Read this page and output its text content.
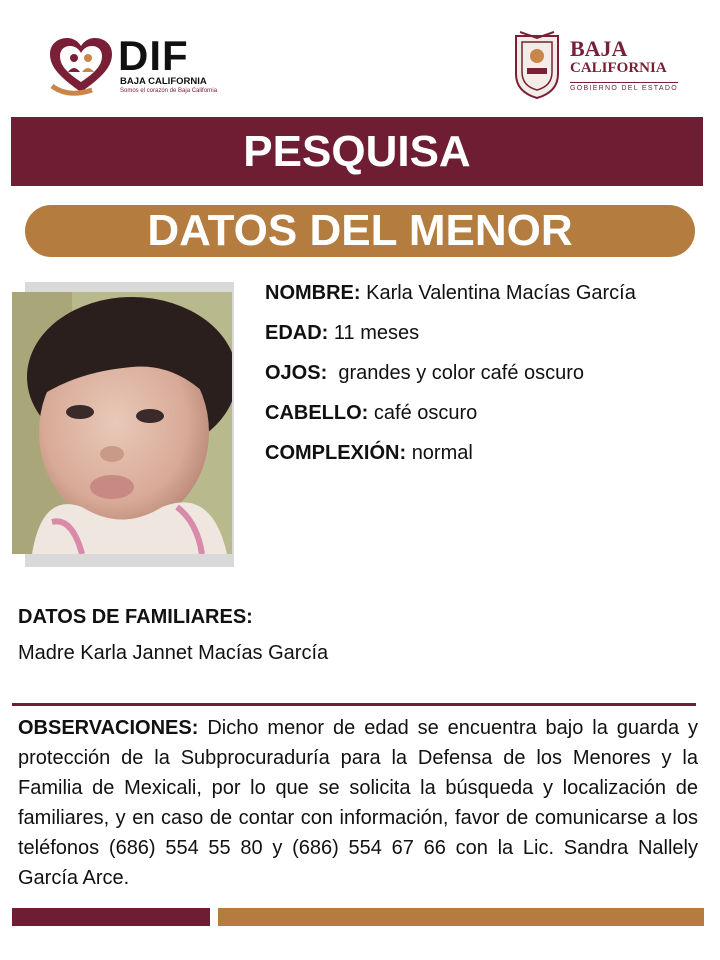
DIF
BAJA CALIFORNIA
Somos el corazón de Baja California
BAJA
CALIFORNIA
GOBIERNO DEL ESTADO
PESQUISA
DATOS DEL MENOR
NOMBRE: Karla Valentina Macías García
EDAD: 11 meses
OJOS: grandes y color café oscuro
CABELLO: café oscuro
COMPLEXIÓN: normal
DATOS DE FAMILIARES:
Madre Karla Jannet Macías García
OBSERVACIONES: Dicho menor de edad se encuentra bajo la guarda y protección de la Subprocuraduría para la Defensa de los Menores y la Familia de Mexicali, por lo que se solicita la búsqueda y localización de familiares, y en caso de contar con información, favor de comunicarse a los teléfonos (686) 554 55 80 y (686) 554 67 66 con la Lic. Sandra Nallely García Arce.
